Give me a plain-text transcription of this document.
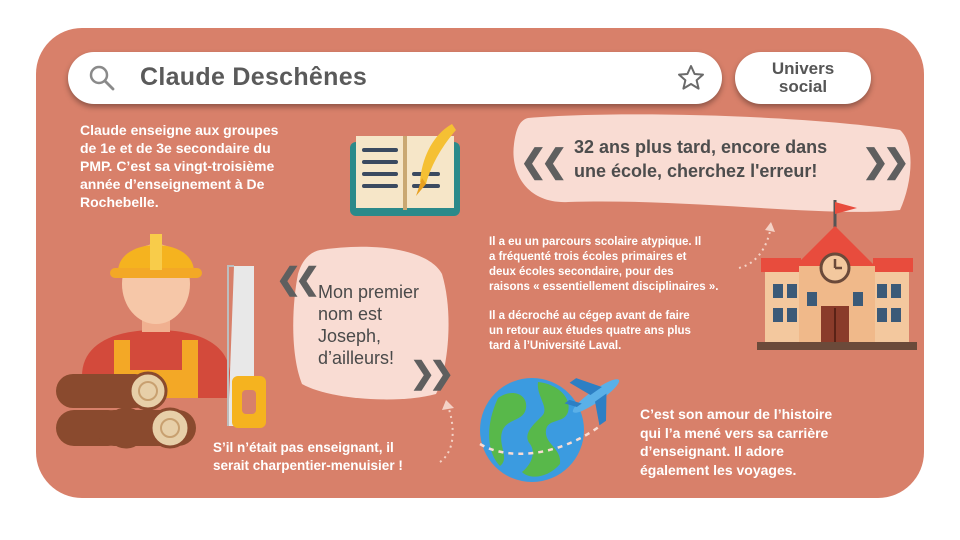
Claude Deschênes	Univers
social
Claude enseigne aux groupes
de 1e et de 3e secondaire du
PMP. C’est sa vingt-troisième
année d’enseignement à De
Rochebelle.
❮❮	❯❯
32 ans plus tard, encore dans
une école, cherchez l'erreur!
Il a eu un parcours scolaire atypique. Il
a fréquenté trois écoles primaires et
deux écoles secondaire, pour des
raisons « essentiellement disciplinaires ».
Il a décroché au cégep avant de faire
un retour aux études quatre ans plus
tard à l’Université Laval.
❮❮
❯❯
Mon premier
nom est
Joseph,
d’ailleurs!
S’il n’était pas enseignant, il
serait charpentier-menuisier !
C’est son amour de l’histoire
qui l’a mené vers sa carrière
d’enseignant. Il adore
également les voyages.
